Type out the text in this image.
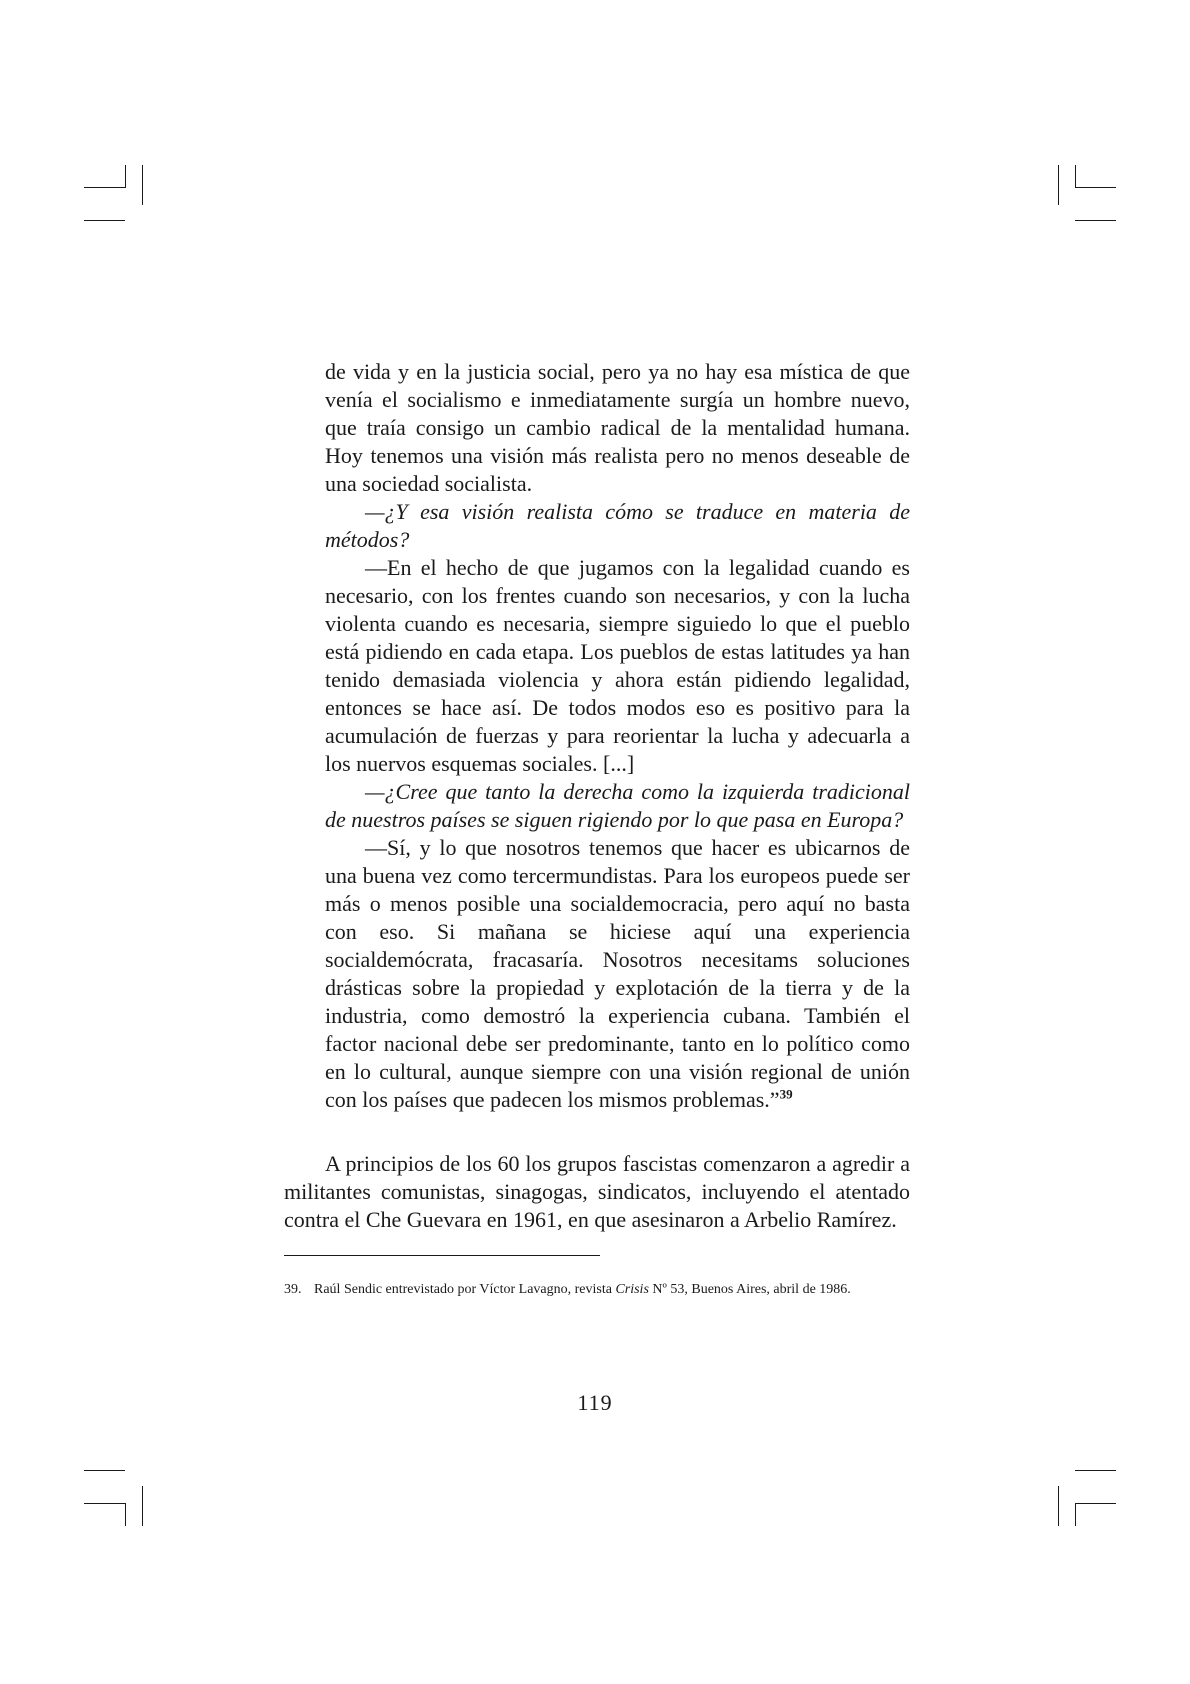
de vida y en la justicia social, pero ya no hay esa mística de que venía el socialismo e inmediatamente surgía un hombre nuevo, que traía consigo un cambio radical de la mentalidad humana. Hoy tenemos una visión más realista pero no menos deseable de una sociedad socialista.

—¿Y esa visión realista cómo se traduce en materia de métodos?

—En el hecho de que jugamos con la legalidad cuando es necesario, con los frentes cuando son necesarios, y con la lucha violenta cuando es necesaria, siempre siguiedo lo que el pueblo está pidiendo en cada etapa. Los pueblos de estas latitudes ya han tenido demasiada violencia y ahora están pidiendo legalidad, entonces se hace así. De todos modos eso es positivo para la acumulación de fuerzas y para reorientar la lucha y adecuarla a los nuervos esquemas sociales. [...]

—¿Cree que tanto la derecha como la izquierda tradicional de nuestros países se siguen rigiendo por lo que pasa en Europa?

—Sí, y lo que nosotros tenemos que hacer es ubicarnos de una buena vez como tercermundistas. Para los europeos puede ser más o menos posible una socialdemocracia, pero aquí no basta con eso. Si mañana se hiciese aquí una experiencia socialdemócrata, fracasaría. Nosotros necesitams soluciones drásticas sobre la propiedad y explotación de la tierra y de la industria, como demostró la experiencia cubana. También el factor nacional debe ser predominante, tanto en lo político como en lo cultural, aunque siempre con una visión regional de unión con los países que padecen los mismos problemas.”$^{39}$

A principios de los 60 los grupos fascistas comenzaron a agredir a militantes comunistas, sinagogas, sindicatos, incluyendo el atentado contra el Che Guevara en 1961, en que asesinaron a Arbelio Ramírez.

39. Raúl Sendic entrevistado por Víctor Lavagno, revista Crisis Nº 53, Buenos Aires, abril de 1986.

119
